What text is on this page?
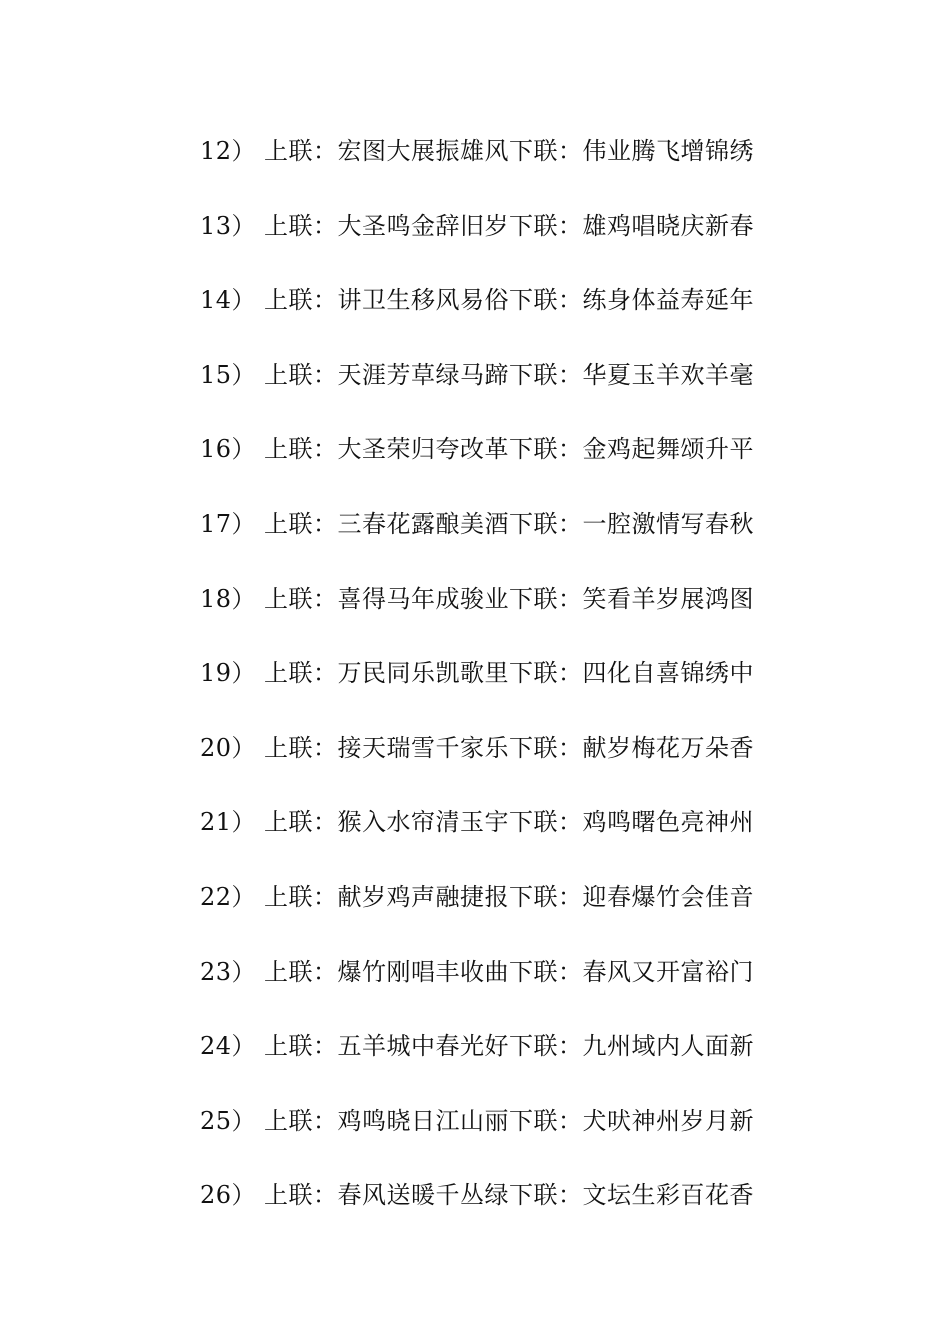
12） 上联：宏图大展振雄风下联：伟业腾飞增锦绣
13） 上联：大圣鸣金辞旧岁下联：雄鸡唱晓庆新春
14） 上联：讲卫生移风易俗下联：练身体益寿延年
15） 上联：天涯芳草绿马蹄下联：华夏玉羊欢羊毫
16） 上联：大圣荣归夸改革下联：金鸡起舞颂升平
17） 上联：三春花露酿美酒下联：一腔激情写春秋
18） 上联：喜得马年成骏业下联：笑看羊岁展鸿图
19） 上联：万民同乐凯歌里下联：四化自喜锦绣中
20） 上联：接天瑞雪千家乐下联：献岁梅花万朵香
21） 上联：猴入水帘清玉宇下联：鸡鸣曙色亮神州
22） 上联：献岁鸡声融捷报下联：迎春爆竹会佳音
23） 上联：爆竹刚唱丰收曲下联：春风又开富裕门
24） 上联：五羊城中春光好下联：九州域内人面新
25） 上联：鸡鸣晓日江山丽下联：犬吠神州岁月新
26） 上联：春风送暖千丛绿下联：文坛生彩百花香
